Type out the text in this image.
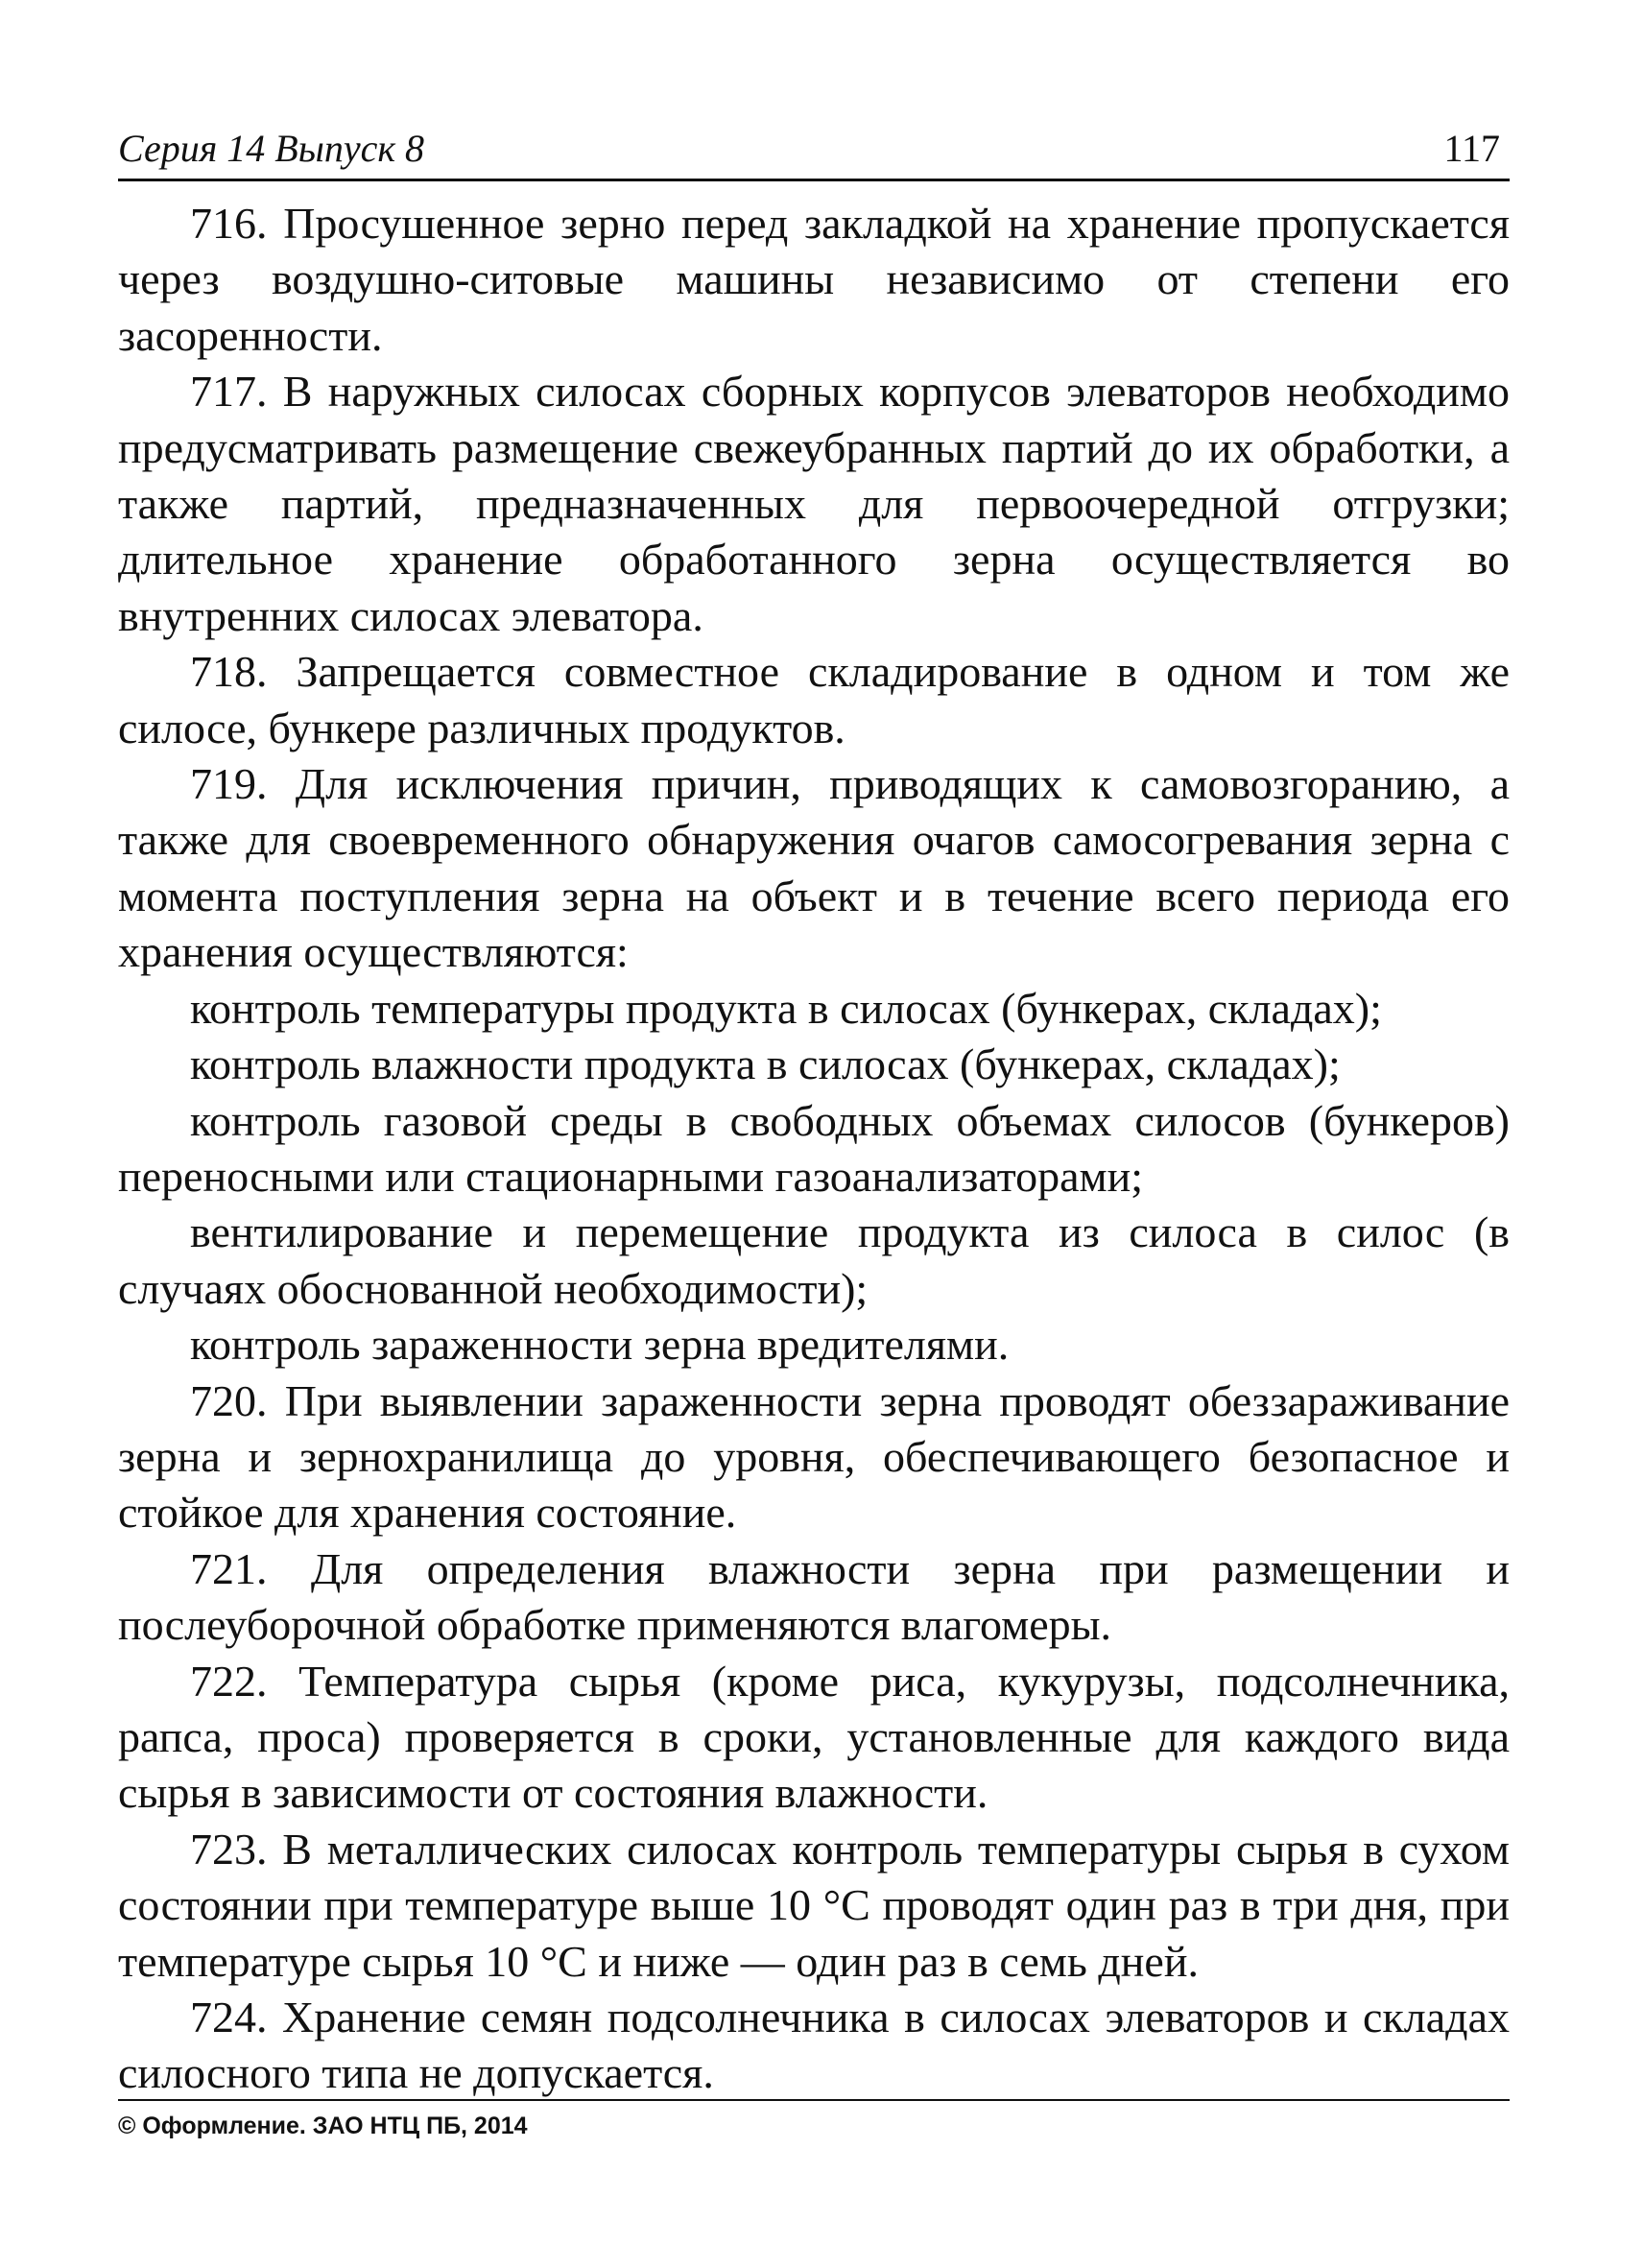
Серия 14 Выпуск 8	117

716. Просушенное зерно перед закладкой на хранение пропускается через воздушно-ситовые машины независимо от степени его засоренности.

717. В наружных силосах сборных корпусов элеваторов необходимо предусматривать размещение свежеубранных партий до их обработки, а также партий, предназначенных для первоочередной отгрузки; длительное хранение обработанного зерна осуществляется во внутренних силосах элеватора.

718. Запрещается совместное складирование в одном и том же силосе, бункере различных продуктов.

719. Для исключения причин, приводящих к самовозгоранию, а также для своевременного обнаружения очагов самосогревания зерна с момента поступления зерна на объект и в течение всего периода его хранения осуществляются:

контроль температуры продукта в силосах (бункерах, складах);

контроль влажности продукта в силосах (бункерах, складах);

контроль газовой среды в свободных объемах силосов (бункеров) переносными или стационарными газоанализаторами;

вентилирование и перемещение продукта из силоса в силос (в случаях обоснованной необходимости);

контроль зараженности зерна вредителями.

720. При выявлении зараженности зерна проводят обеззараживание зерна и зернохранилища до уровня, обеспечивающего безопасное и стойкое для хранения состояние.

721. Для определения влажности зерна при размещении и послеуборочной обработке применяются влагомеры.

722. Температура сырья (кроме риса, кукурузы, подсолнечника, рапса, проса) проверяется в сроки, установленные для каждого вида сырья в зависимости от состояния влажности.

723. В металлических силосах контроль температуры сырья в сухом состоянии при температуре выше 10 °С проводят один раз в три дня, при температуре сырья 10 °С и ниже — один раз в семь дней.

724. Хранение семян подсолнечника в силосах элеваторов и складах силосного типа не допускается.

© Оформление. ЗАО НТЦ ПБ, 2014
